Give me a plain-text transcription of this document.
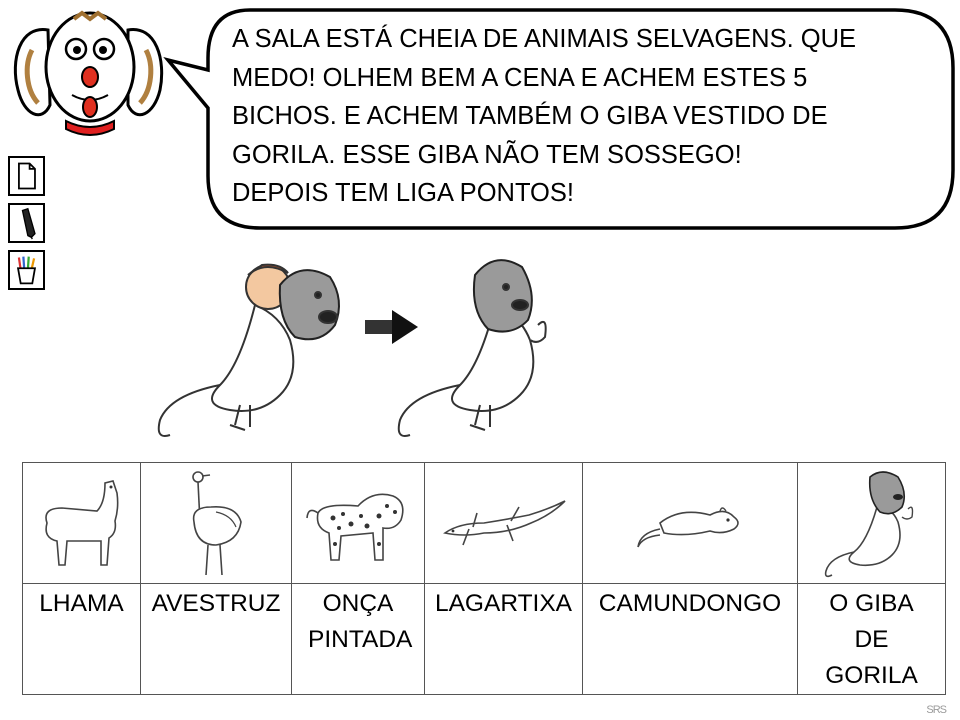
A SALA ESTÁ CHEIA DE ANIMAIS SELVAGENS. QUE
MEDO! OLHEM BEM A CENA E ACHEM ESTES 5
BICHOS. E ACHEM TAMBÉM O GIBA VESTIDO DE
GORILA. ESSE GIBA NÃO TEM SOSSEGO!
DEPOIS TEM LIGA PONTOS!

LHAMA	AVESTRUZ	ONÇA PINTADA	LAGARTIXA	CAMUNDONGO	O GIBA DE GORILA
SRS
